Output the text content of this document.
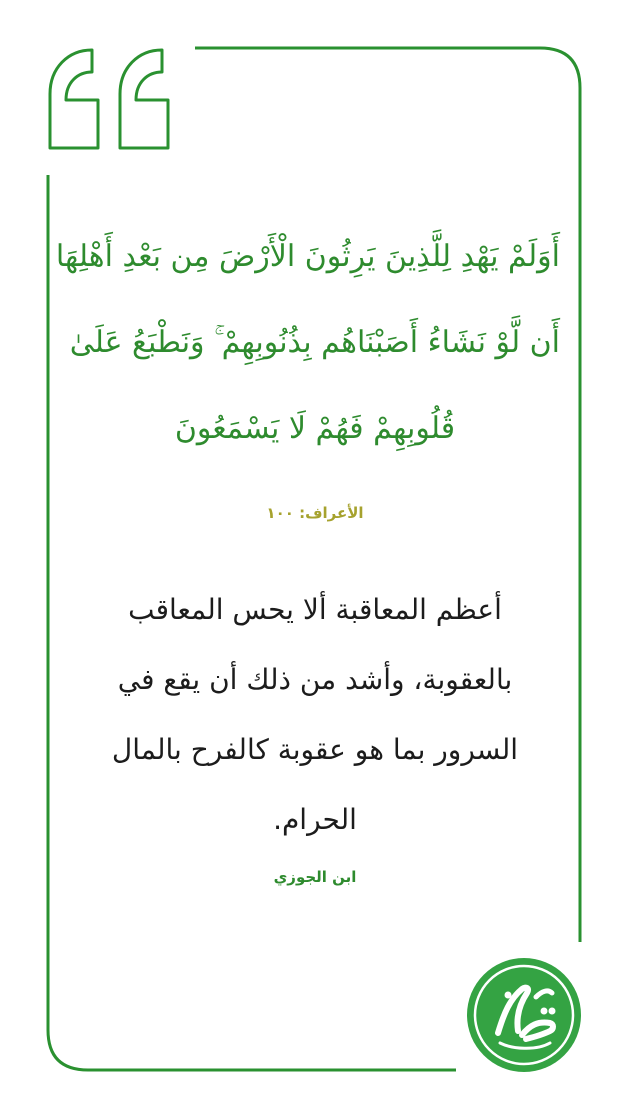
أَوَلَمْ يَهْدِ لِلَّذِينَ يَرِثُونَ الْأَرْضَ مِن بَعْدِ أَهْلِهَا
أَن لَّوْ نَشَاءُ أَصَبْنَاهُم بِذُنُوبِهِمْ ۚ وَنَطْبَعُ عَلَىٰ
قُلُوبِهِمْ فَهُمْ لَا يَسْمَعُونَ
الأعراف: ١٠٠
أعظم المعاقبة ألا يحس المعاقب
بالعقوبة، وأشد من ذلك أن يقع في
السرور بما هو عقوبة كالفرح بالمال
الحرام.
ابن الجوزي
